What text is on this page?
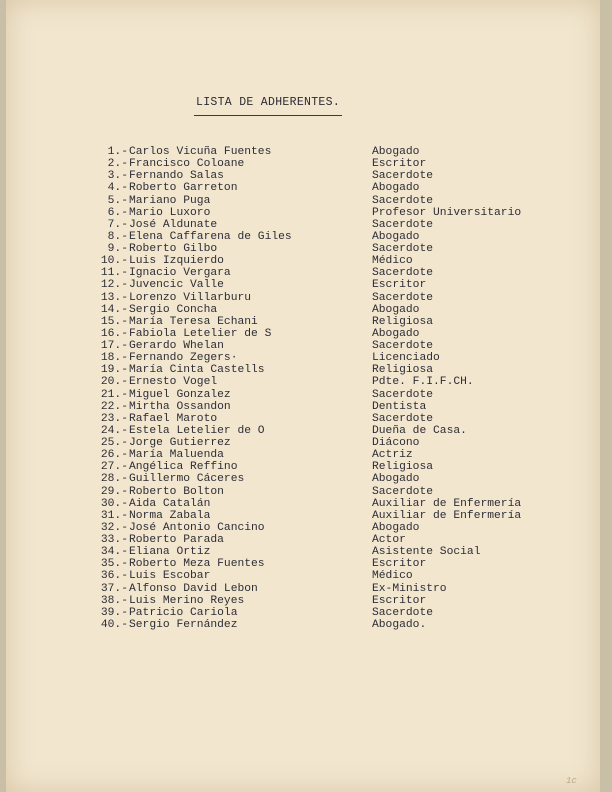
LISTA DE ADHERENTES.
1.- Carlos Vicuña Fuentes	Abogado
2.- Francisco Coloane	Escritor
3.- Fernando Salas	Sacerdote
4.- Roberto Garreton	Abogado
5.- Mariano Puga	Sacerdote
6.- Mario Luxoro	Profesor Universitario
7.- José Aldunate	Sacerdote
8.- Elena Caffarena de Giles	Abogado
9.- Roberto Gilbo	Sacerdote
10.- Luis Izquierdo	Médico
11.- Ignacio Vergara	Sacerdote
12.- Juvencic Valle	Escritor
13.- Lorenzo Villarburu	Sacerdote
14.- Sergio Concha	Abogado
15.- María Teresa Echani	Religiosa
16.- Fabiola Letelier de S	Abogado
17.- Gerardo Whelan	Sacerdote
18.- Fernando Zegers·	Licenciado
19.- María Cinta Castells	Religiosa
20.- Ernesto Vogel	Pdte. F.I.F.CH.
21.- Miguel Gonzalez	Sacerdote
22.- Mirtha Ossandon	Dentista
23.- Rafael Maroto	Sacerdote
24.- Estela Letelier de O	Dueña de Casa.
25.- Jorge Gutierrez	Diácono
26.- María Maluenda	Actriz
27.- Angélica Reffino	Religiosa
28.- Guillermo Cáceres	Abogado
29.- Roberto Bolton	Sacerdote
30.- Aida Catalán	Auxiliar de Enfermería
31.- Norma Zabala	Auxiliar de Enfermería
32.- José Antonio Cancino	Abogado
33.- Roberto Parada	Actor
34.- Eliana Ortiz	Asistente Social
35.- Roberto Meza Fuentes	Escritor
36.- Luis Escobar	Médico
37.- Alfonso David Lebon	Ex-Ministro
38.- Luis Merino Reyes	Escritor
39.- Patricio Cariola	Sacerdote
40.- Sergio Fernández	Abogado.
1c
